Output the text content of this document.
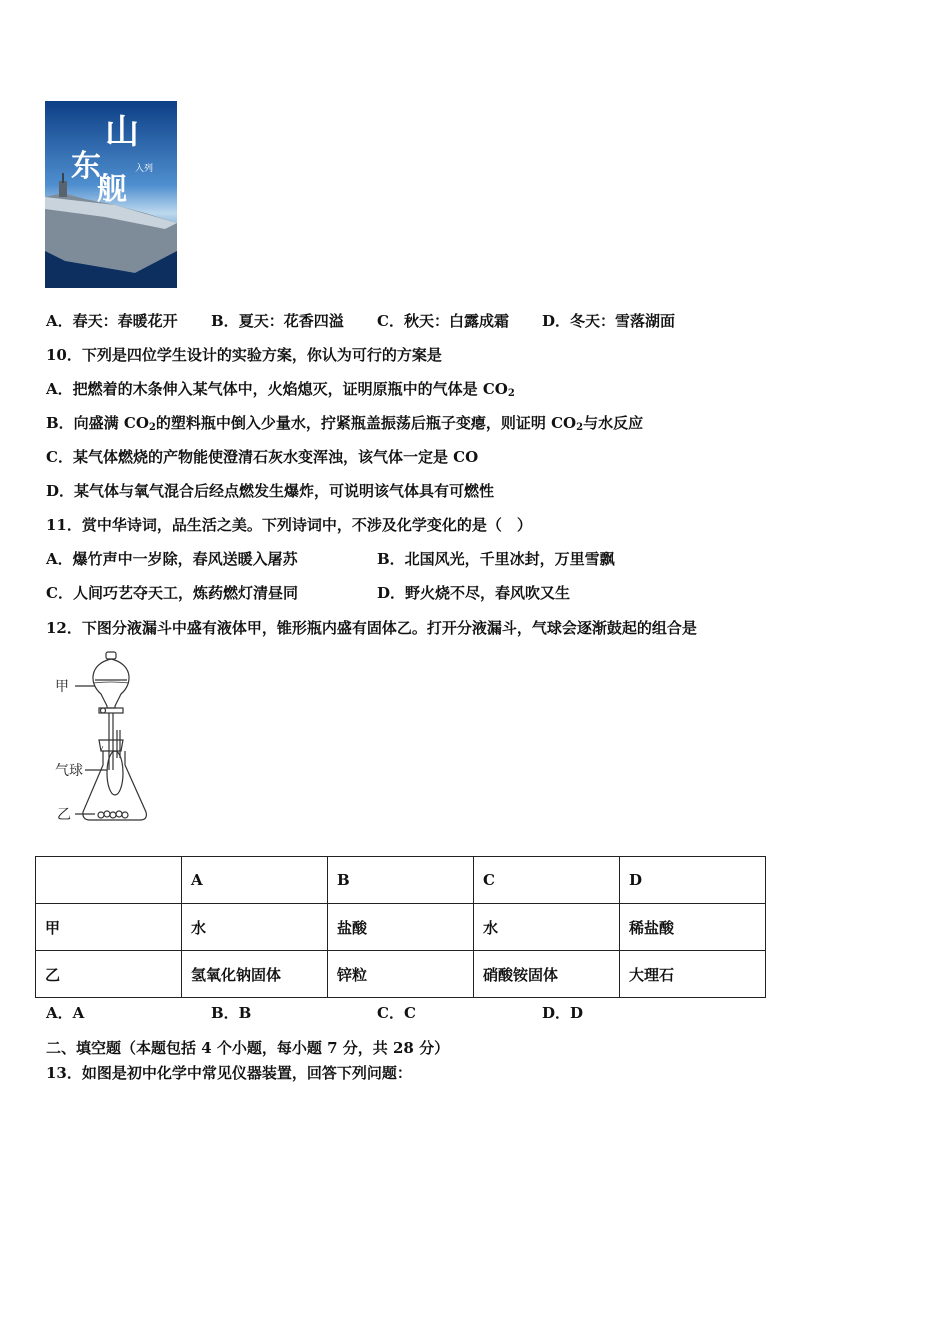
山
东
舰
入列
A．春天：春暖花开 B．夏天：花香四溢 C．秋天：白露成霜 D．冬天：雪落湖面
10．下列是四位学生设计的实验方案，你认为可行的方案是
A．把燃着的木条伸入某气体中，火焰熄灭，证明原瓶中的气体是 $CO_2$
B．向盛满 $CO_2$的塑料瓶中倒入少量水，拧紧瓶盖振荡后瓶子变瘪，则证明 $CO_2$与水反应
C．某气体燃烧的产物能使澄清石灰水变浑浊，该气体一定是 CO
D．某气体与氧气混合后经点燃发生爆炸，可说明该气体具有可燃性
11．赏中华诗词，品生活之美。下列诗词中，不涉及化学变化的是（　）
A．爆竹声中一岁除，春风送暖入屠苏	B．北国风光，千里冰封，万里雪飘
C．人间巧艺夺天工，炼药燃灯清昼同	D．野火烧不尽，春风吹又生
12．下图分液漏斗中盛有液体甲，锥形瓶内盛有固体乙。打开分液漏斗，气球会逐渐鼓起的组合是
甲
气球
乙
	A	B	C	D
甲	水	盐酸	水	稀盐酸
乙	氢氧化钠固体	锌粒	硝酸铵固体	大理石
A．A	B．B	C．C	D．D
二、填空题（本题包括 4 个小题，每小题 7 分，共 28 分）
13．如图是初中化学中常见仪器装置，回答下列问题：
